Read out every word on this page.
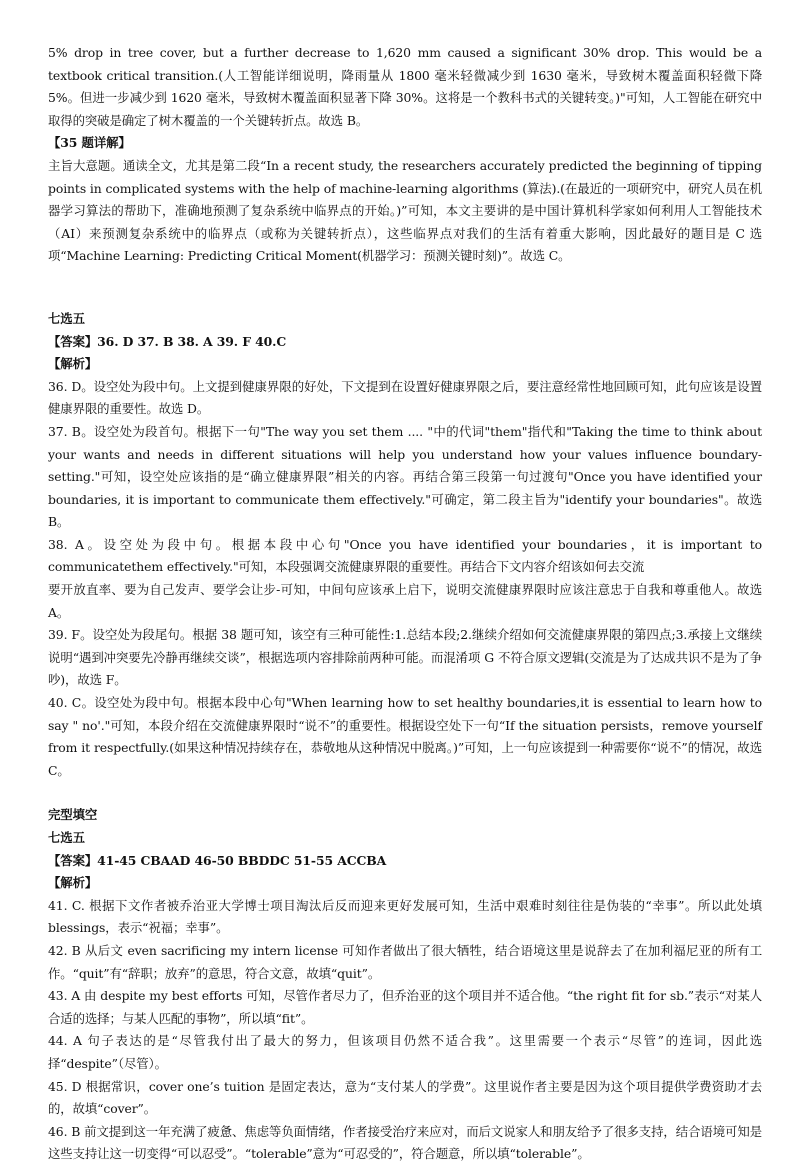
5% drop in tree cover, but a further decrease to 1,620 mm caused a significant 30% drop. This would be a textbook critical transition.(人工智能详细说明，降雨量从 1800 毫米轻微减少到 1630 毫米，导致树木覆盖面积轻微下降 5%。但进一步减少到 1620 毫米，导致树木覆盖面积显著下降 30%。这将是一个教科书式的关键转变。)"可知，人工智能在研究中取得的突破是确定了树木覆盖的一个关键转折点。故选 B。

【35 题详解】

主旨大意题。通读全文，尤其是第二段“In a recent study, the researchers accurately predicted the beginning of tipping points in complicated systems with the help of machine-learning algorithms (算法).(在最近的一项研究中，研究人员在机器学习算法的帮助下，准确地预测了复杂系统中临界点的开始。)”可知，本文主要讲的是中国计算机科学家如何利用人工智能技术（AI）来预测复杂系统中的临界点（或称为关键转折点），这些临界点对我们的生活有着重大影响，因此最好的题目是 C 选项“Machine Learning: Predicting Critical Moment(机器学习：预测关键时刻)”。故选 C。

七选五

【答案】36. D 37. B 38. A 39. F 40.C

【解析】

36. D。设空处为段中句。上文提到健康界限的好处，下文提到在设置好健康界限之后，要注意经常性地回顾可知，此句应该是设置健康界限的重要性。故选 D。

37. B。设空处为段首句。根据下一句"The way you set them .... "中的代词"them"指代和"Taking the time to think about your wants and needs in different situations will help you understand how your values influence boundary-setting."可知，设空处应该指的是“确立健康界限”相关的内容。再结合第三段第一句过渡句"Once you have identified your boundaries, it is important to communicate them effectively."可确定，第二段主旨为"identify your boundaries"。故选 B。

38. A。设空处为段中句。根据本段中心句"Once you have identified your boundaries，it is important to communicatethem effectively."可知，本段强调交流健康界限的重要性。再结合下文内容介绍该如何去交流

要开放直率、要为自己发声、要学会让步-可知，中间句应该承上启下，说明交流健康界限时应该注意忠于自我和尊重他人。故选 A。

39. F。设空处为段尾句。根据 38 题可知，该空有三种可能性:1.总结本段;2.继续介绍如何交流健康界限的第四点;3.承接上文继续说明“遇到冲突要先冷静再继续交谈”，根据选项内容排除前两种可能。而混淆项 G 不符合原文逻辑(交流是为了达成共识不是为了争吵)，故选 F。

40. C。设空处为段中句。根据本段中心句"When learning how to set healthy boundaries,it is essential to learn how to say " no'."可知，本段介绍在交流健康界限时“说不”的重要性。根据设空处下一句“If the situation persists，remove yourself from it respectfully.(如果这种情况持续存在，恭敬地从这种情况中脱离。)”可知，上一句应该提到一种需要你“说不”的情况，故选 C。

完型填空

七选五

【答案】41-45 CBAAD 46-50 BBDDC 51-55 ACCBA

【解析】

41. C. 根据下文作者被乔治亚大学博士项目淘汰后反而迎来更好发展可知，生活中艰难时刻往往是伪装的“幸事”。所以此处填 blessings，表示“祝福；幸事”。

42. B 从后文 even sacrificing my intern license 可知作者做出了很大牺牲，结合语境这里是说辞去了在加利福尼亚的所有工作。“quit”有“辞职；放弃”的意思，符合文意，故填“quit”。

43. A 由 despite my best efforts 可知，尽管作者尽力了，但乔治亚的这个项目并不适合他。“the right fit for sb.”表示“对某人合适的选择；与某人匹配的事物”，所以填“fit”。

44. A 句子表达的是“尽管我付出了最大的努力，但该项目仍然不适合我”。这里需要一个表示“尽管”的连词，因此选择“despite”（尽管）。

45. D 根据常识，cover one’s tuition 是固定表达，意为“支付某人的学费”。这里说作者主要是因为这个项目提供学费资助才去的，故填“cover”。

46. B 前文提到这一年充满了疲惫、焦虑等负面情绪，作者接受治疗来应对，而后文说家人和朋友给予了很多支持，结合语境可知是这些支持让这一切变得“可以忍受”。“tolerable”意为“可忍受的”，符合题意，所以填“tolerable”。
